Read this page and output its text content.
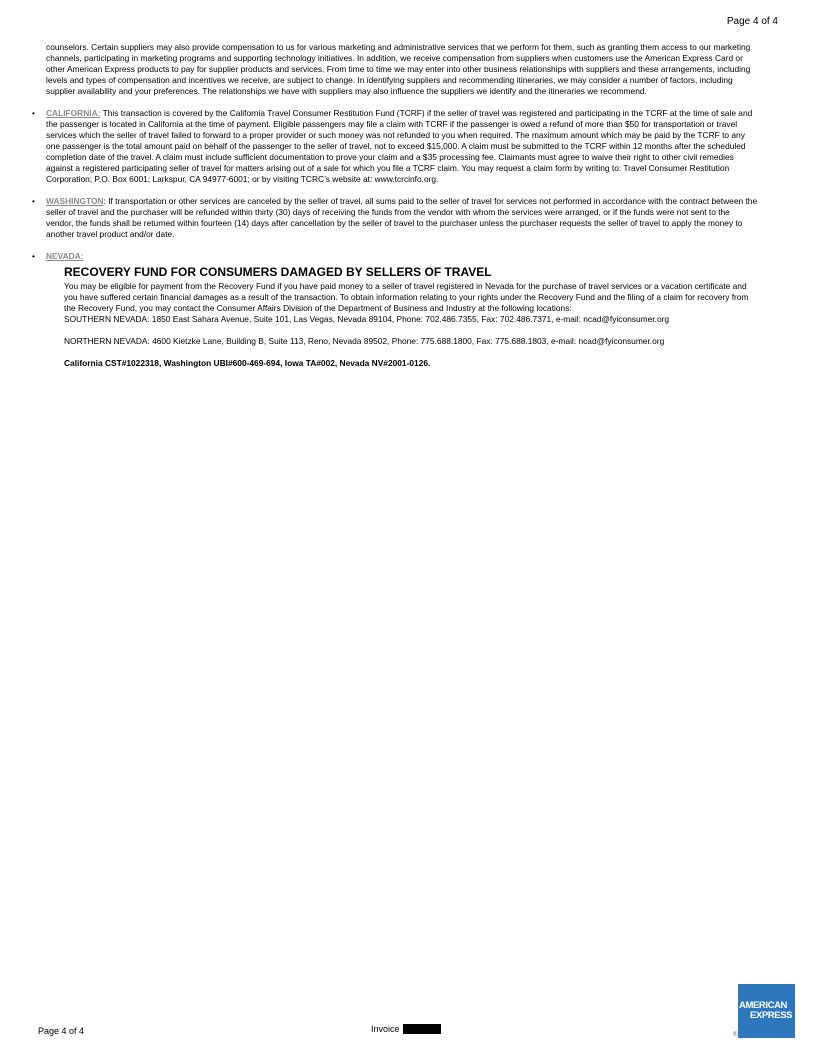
Page 4 of 4

counselors. Certain suppliers may also provide compensation to us for various marketing and administrative services that we perform for them, such as granting them access to our marketing channels, participating in marketing programs and supporting technology initiatives. In addition, we receive compensation from suppliers when customers use the American Express Card or other American Express products to pay for supplier products and services. From time to time we may enter into other business relationships with suppliers and these arrangements, including levels and types of compensation and incentives we receive, are subject to change. In identifying suppliers and recommending itineraries, we may consider a number of factors, including supplier availability and your preferences. The relationships we have with suppliers may also influence the suppliers we identify and the itineraries we recommend.

• CALIFORNIA: This transaction is covered by the California Travel Consumer Restitution Fund (TCRF) if the seller of travel was registered and participating in the TCRF at the time of sale and the passenger is located in California at the time of payment. Eligible passengers may file a claim with TCRF if the passenger is owed a refund of more than $50 for transportation or travel services which the seller of travel failed to forward to a proper provider or such money was not refunded to you when required. The maximum amount which may be paid by the TCRF to any one passenger is the total amount paid on behalf of the passenger to the seller of travel, not to exceed $15,000. A claim must be submitted to the TCRF within 12 months after the scheduled completion date of the travel. A claim must include sufficient documentation to prove your claim and a $35 processing fee. Claimants must agree to waive their right to other civil remedies against a registered participating seller of travel for matters arising out of a sale for which you file a TCRF claim. You may request a claim form by writing to: Travel Consumer Restitution Corporation; P.O. Box 6001; Larkspur, CA 94977-6001; or by visiting TCRC’s website at: www.tcrcinfo.org.
• WASHINGTON: If transportation or other services are canceled by the seller of travel, all sums paid to the seller of travel for services not performed in accordance with the contract between the seller of travel and the purchaser will be refunded within thirty (30) days of receiving the funds from the vendor with whom the services were arranged, or if the funds were not sent to the vendor, the funds shall be returned within fourteen (14) days after cancellation by the seller of travel to the purchaser unless the purchaser requests the seller of travel to apply the money to another travel product and/or date.
• NEVADA:
RECOVERY FUND FOR CONSUMERS DAMAGED BY SELLERS OF TRAVEL

You may be eligible for payment from the Recovery Fund if you have paid money to a seller of travel registered in Nevada for the purchase of travel services or a vacation certificate and you have suffered certain financial damages as a result of the transaction. To obtain information relating to your rights under the Recovery Fund and the filing of a claim for recovery from the Recovery Fund, you may contact the Consumer Affairs Division of the Department of Business and Industry at the following locations:

SOUTHERN NEVADA: 1850 East Sahara Avenue, Suite 101, Las Vegas, Nevada 89104, Phone: 702.486.7355, Fax: 702.486.7371, e-mail: ncad@fyiconsumer.org

NORTHERN NEVADA: 4600 Kietzke Lane, Building B, Suite 113, Reno, Nevada 89502, Phone: 775.688.1800, Fax: 775.688.1803, e-mail: ncad@fyiconsumer.org

California CST#1022318, Washington UBI#600-469-694, Iowa TA#002, Nevada NV#2001-0126.

Page 4 of 4	Invoice
AMERICAN
EXPRESS
®
